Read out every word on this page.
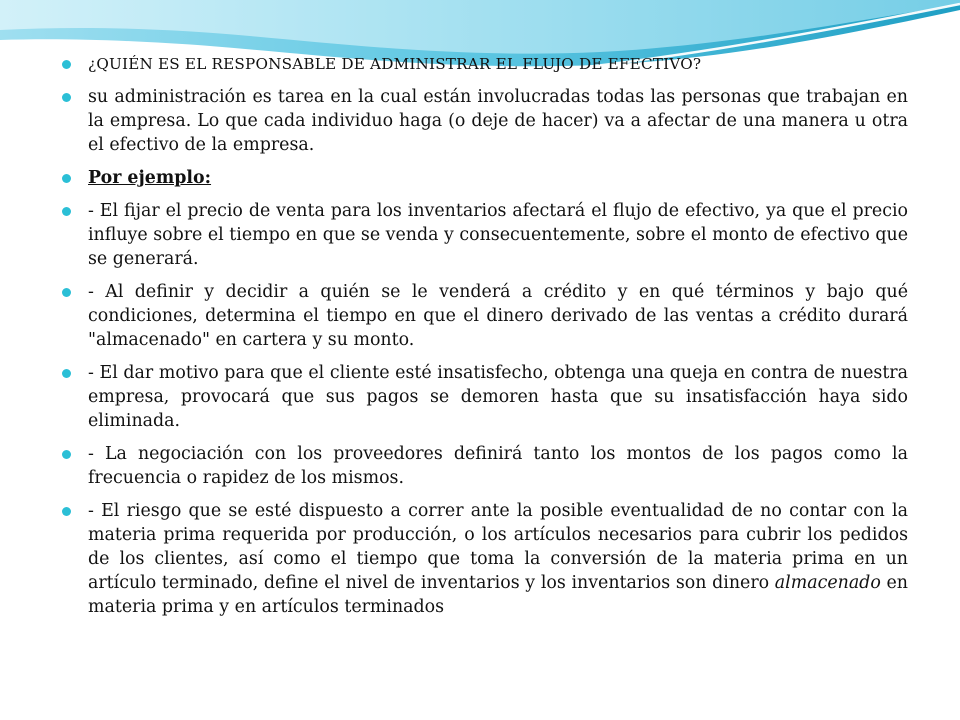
¿QUIÉN ES EL RESPONSABLE DE ADMINISTRAR EL FLUJO DE EFECTIVO?
su administración es tarea en la cual están involucradas todas las personas que trabajan en la empresa. Lo que cada individuo haga (o deje de hacer) va a afectar de una manera u otra el efectivo de la empresa.
Por ejemplo:
- El fijar el precio de venta para los inventarios afectará el flujo de efectivo, ya que el precio influye sobre el tiempo en que se venda y consecuentemente, sobre el monto de efectivo que se generará.
- Al definir y decidir a quién se le venderá a crédito y en qué términos y bajo qué condiciones, determina el tiempo en que el dinero derivado de las ventas a crédito durará "almacenado" en cartera y su monto.
- El dar motivo para que el cliente esté insatisfecho, obtenga una queja en contra de nuestra empresa, provocará que sus pagos se demoren hasta que su insatisfacción haya sido eliminada.
- La negociación con los proveedores definirá tanto los montos de los pagos como la frecuencia o rapidez de los mismos.
- El riesgo que se esté dispuesto a correr ante la posible eventualidad de no contar con la materia prima requerida por producción, o los artículos necesarios para cubrir los pedidos de los clientes, así como el tiempo que toma la conversión de la materia prima en un artículo terminado, define el nivel de inventarios y los inventarios son dinero almacenado en materia prima y en artículos terminados
